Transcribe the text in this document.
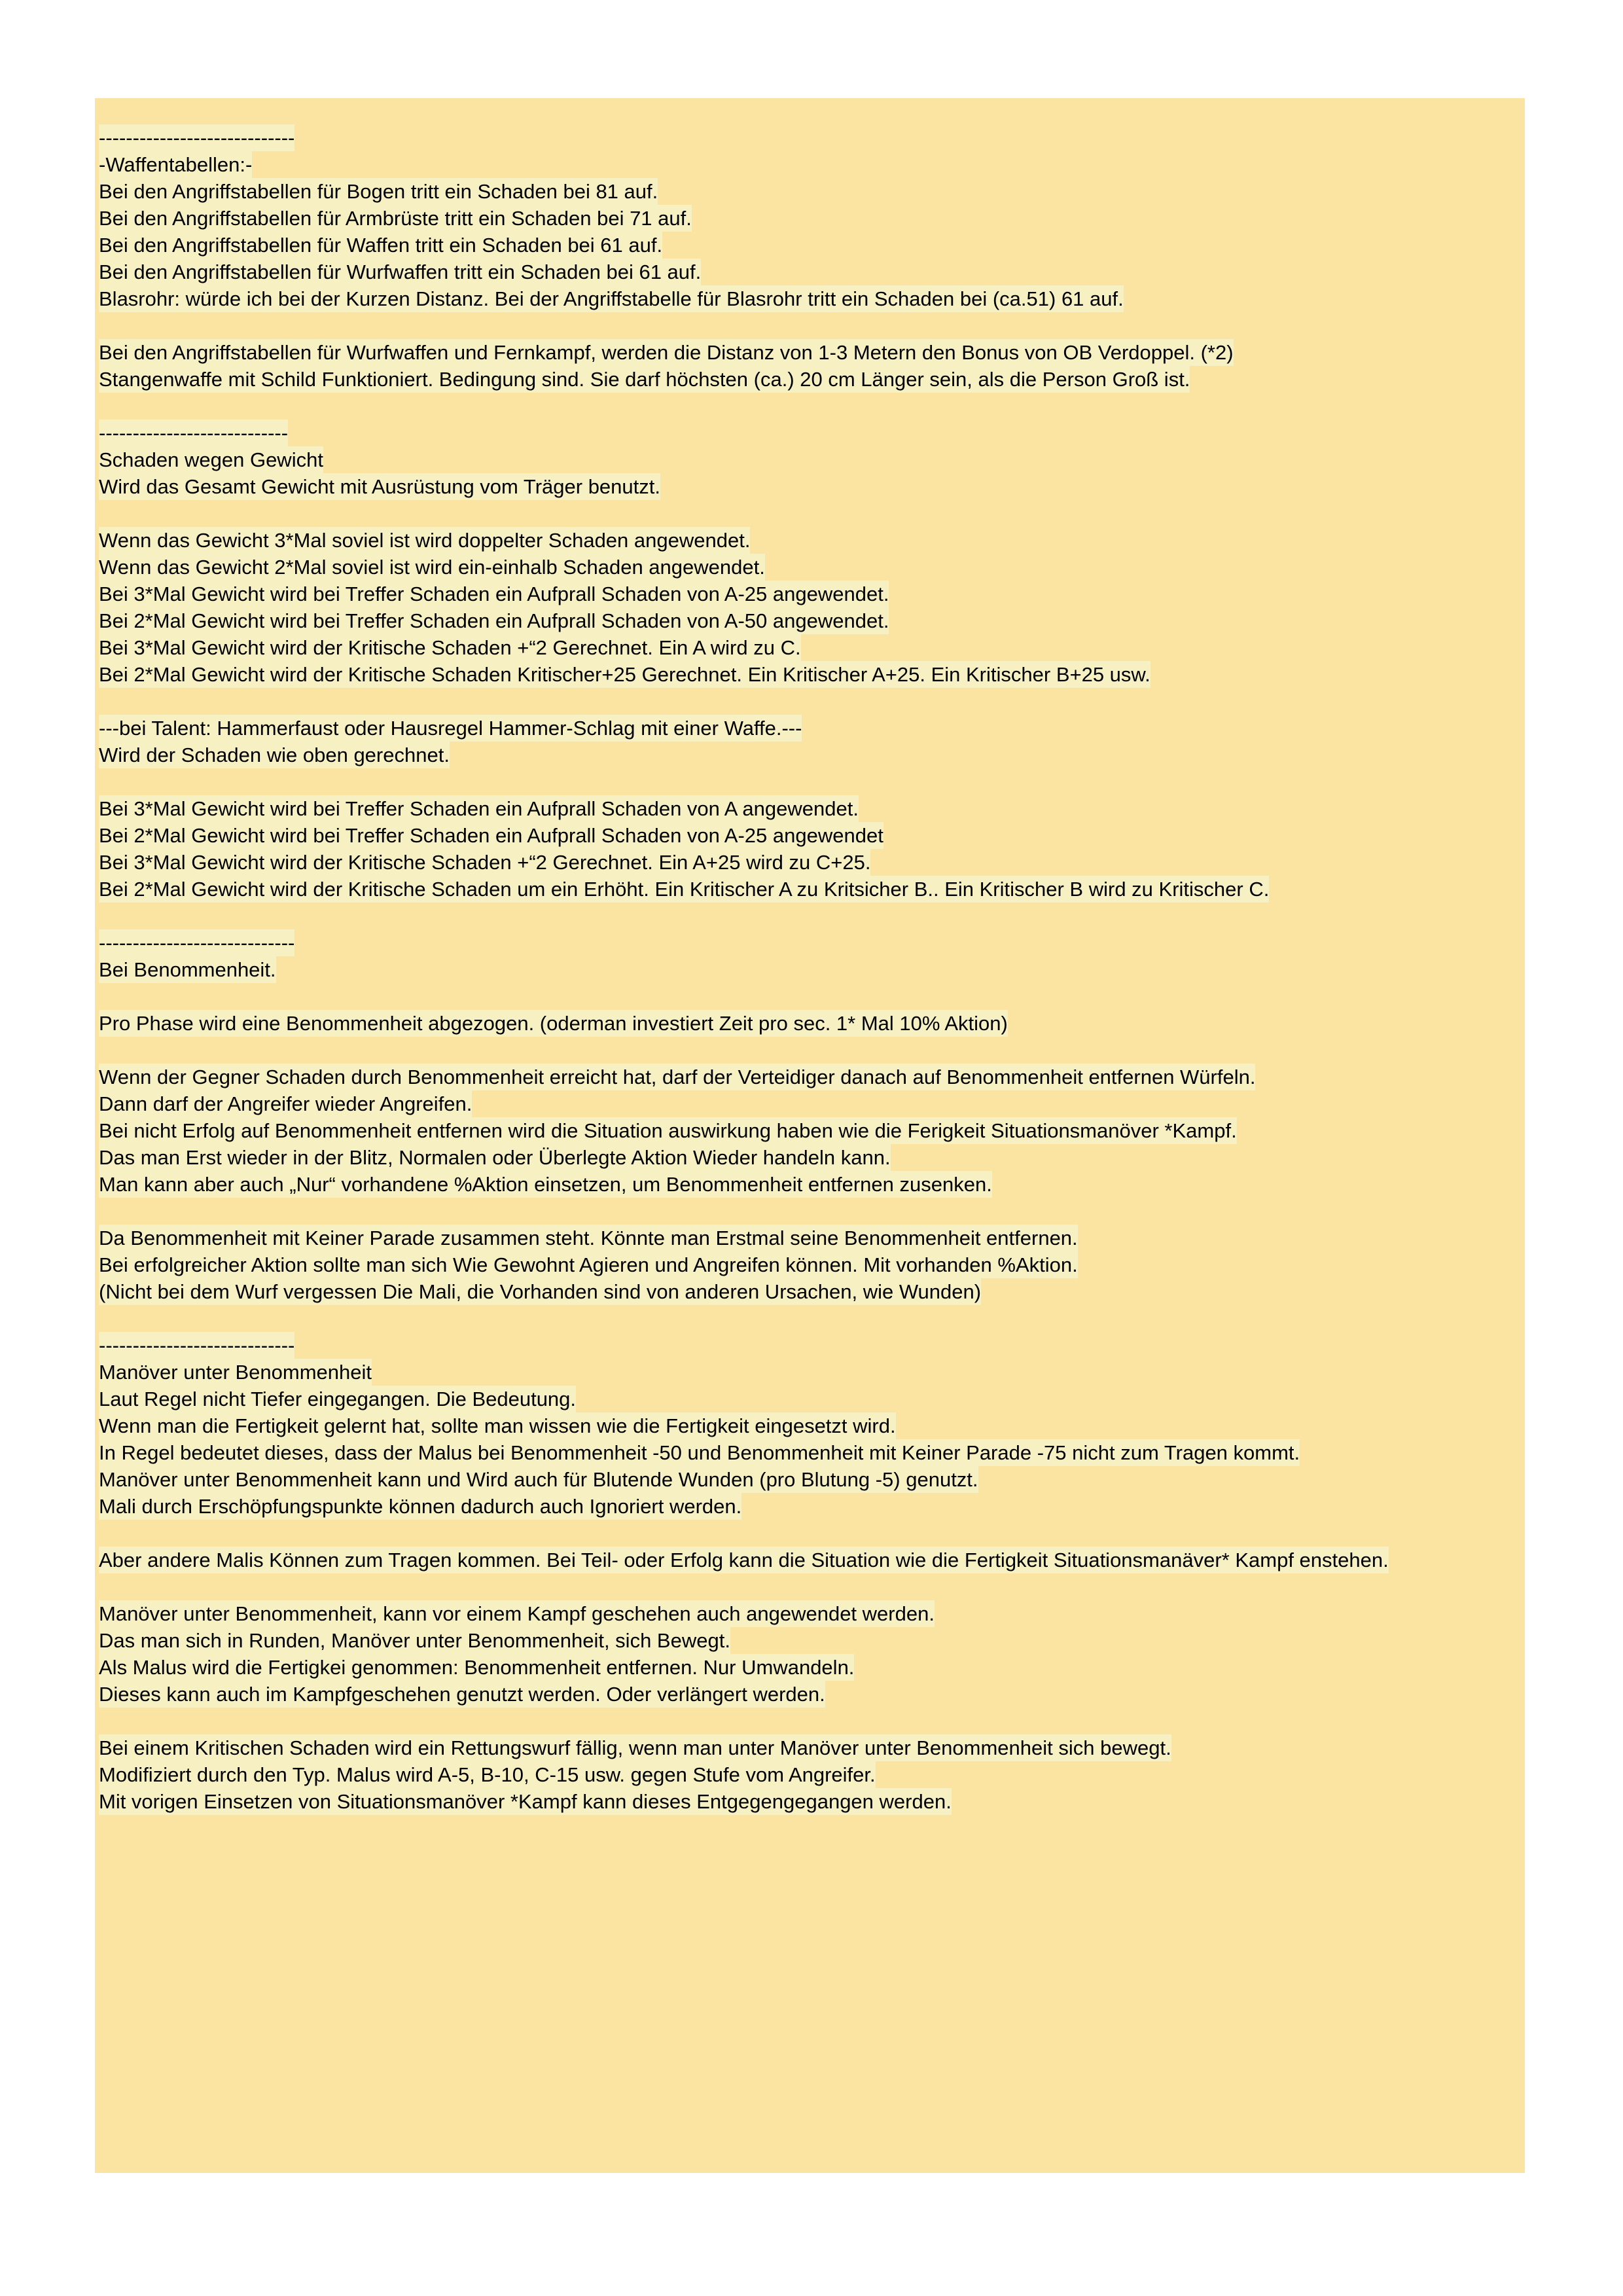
-----------------------------
-Waffentabellen:-
Bei den Angriffstabellen für Bogen tritt ein Schaden bei 81 auf.
Bei den Angriffstabellen für Armbrüste tritt ein Schaden bei 71 auf.
Bei den Angriffstabellen für Waffen tritt ein Schaden bei 61 auf.
Bei den Angriffstabellen für Wurfwaffen tritt ein Schaden bei 61 auf.
Blasrohr: würde ich bei der Kurzen Distanz. Bei der Angriffstabelle für Blasrohr tritt ein Schaden bei (ca.51) 61 auf.
Bei den Angriffstabellen für Wurfwaffen und Fernkampf, werden die Distanz von 1-3 Metern den Bonus von OB Verdoppel. (*2)
Stangenwaffe mit Schild Funktioniert. Bedingung sind. Sie darf höchsten (ca.) 20 cm Länger sein, als die Person Groß ist.
----------------------------
Schaden wegen Gewicht
Wird das Gesamt Gewicht mit Ausrüstung vom Träger benutzt.
Wenn das Gewicht 3*Mal soviel ist wird doppelter Schaden angewendet.
Wenn das Gewicht 2*Mal soviel ist wird ein-einhalb Schaden angewendet.
Bei 3*Mal Gewicht wird bei Treffer Schaden ein Aufprall Schaden von A-25 angewendet.
Bei 2*Mal Gewicht wird bei Treffer Schaden ein Aufprall Schaden von A-50 angewendet.
Bei 3*Mal Gewicht wird der Kritische Schaden +“2 Gerechnet. Ein A wird zu C.
Bei 2*Mal Gewicht wird der Kritische Schaden Kritischer+25 Gerechnet. Ein Kritischer A+25. Ein Kritischer B+25 usw.
---bei Talent: Hammerfaust oder Hausregel Hammer-Schlag mit einer Waffe.---
Wird der Schaden wie oben gerechnet.
Bei 3*Mal Gewicht wird bei Treffer Schaden ein Aufprall Schaden von A angewendet.
Bei 2*Mal Gewicht wird bei Treffer Schaden ein Aufprall Schaden von A-25 angewendet
Bei 3*Mal Gewicht wird der Kritische Schaden +“2 Gerechnet. Ein A+25 wird zu C+25.
Bei 2*Mal Gewicht wird der Kritische Schaden um ein Erhöht. Ein Kritischer A zu Kritsicher B.. Ein Kritischer B wird zu Kritischer C.
-----------------------------
Bei Benommenheit.
Pro Phase wird eine Benommenheit abgezogen. (oderman investiert Zeit pro sec. 1* Mal 10% Aktion)
Wenn der Gegner Schaden durch Benommenheit erreicht hat, darf der Verteidiger danach auf Benommenheit entfernen Würfeln.
Dann darf der Angreifer wieder Angreifen.
Bei nicht Erfolg auf Benommenheit entfernen wird die Situation auswirkung haben wie die Ferigkeit Situationsmanöver *Kampf.
Das man Erst wieder in der Blitz, Normalen oder Überlegte Aktion Wieder handeln kann.
Man kann aber auch „Nur“ vorhandene %Aktion einsetzen, um Benommenheit entfernen zusenken.
Da Benommenheit mit Keiner Parade zusammen steht. Könnte man Erstmal seine Benommenheit entfernen.
Bei erfolgreicher Aktion sollte man sich Wie Gewohnt Agieren und Angreifen können. Mit vorhanden %Aktion.
(Nicht bei dem Wurf vergessen Die Mali, die Vorhanden sind von anderen Ursachen, wie Wunden)
-----------------------------
Manöver unter Benommenheit
Laut Regel nicht Tiefer eingegangen. Die Bedeutung.
Wenn man die Fertigkeit gelernt hat, sollte man wissen wie die Fertigkeit eingesetzt wird.
In Regel bedeutet dieses, dass der Malus bei Benommenheit -50 und Benommenheit mit Keiner Parade -75 nicht zum Tragen kommt.
Manöver unter Benommenheit kann und Wird auch für Blutende Wunden (pro Blutung -5) genutzt.
Mali durch Erschöpfungspunkte können dadurch auch Ignoriert werden.
Aber andere Malis Können zum Tragen kommen. Bei Teil- oder Erfolg kann die Situation wie die Fertigkeit Situationsmanäver* Kampf enstehen.
Manöver unter Benommenheit, kann vor einem Kampf geschehen auch angewendet werden.
Das man sich in Runden, Manöver unter Benommenheit, sich Bewegt.
Als Malus wird die Fertigkei genommen: Benommenheit entfernen. Nur Umwandeln.
Dieses kann auch im Kampfgeschehen genutzt werden. Oder verlängert werden.
Bei einem Kritischen Schaden wird ein Rettungswurf fällig, wenn man unter Manöver unter Benommenheit sich bewegt.
Modifiziert durch den Typ. Malus wird A-5, B-10, C-15 usw. gegen Stufe vom Angreifer.
Mit vorigen Einsetzen von Situationsmanöver *Kampf kann dieses Entgegengegangen werden.
